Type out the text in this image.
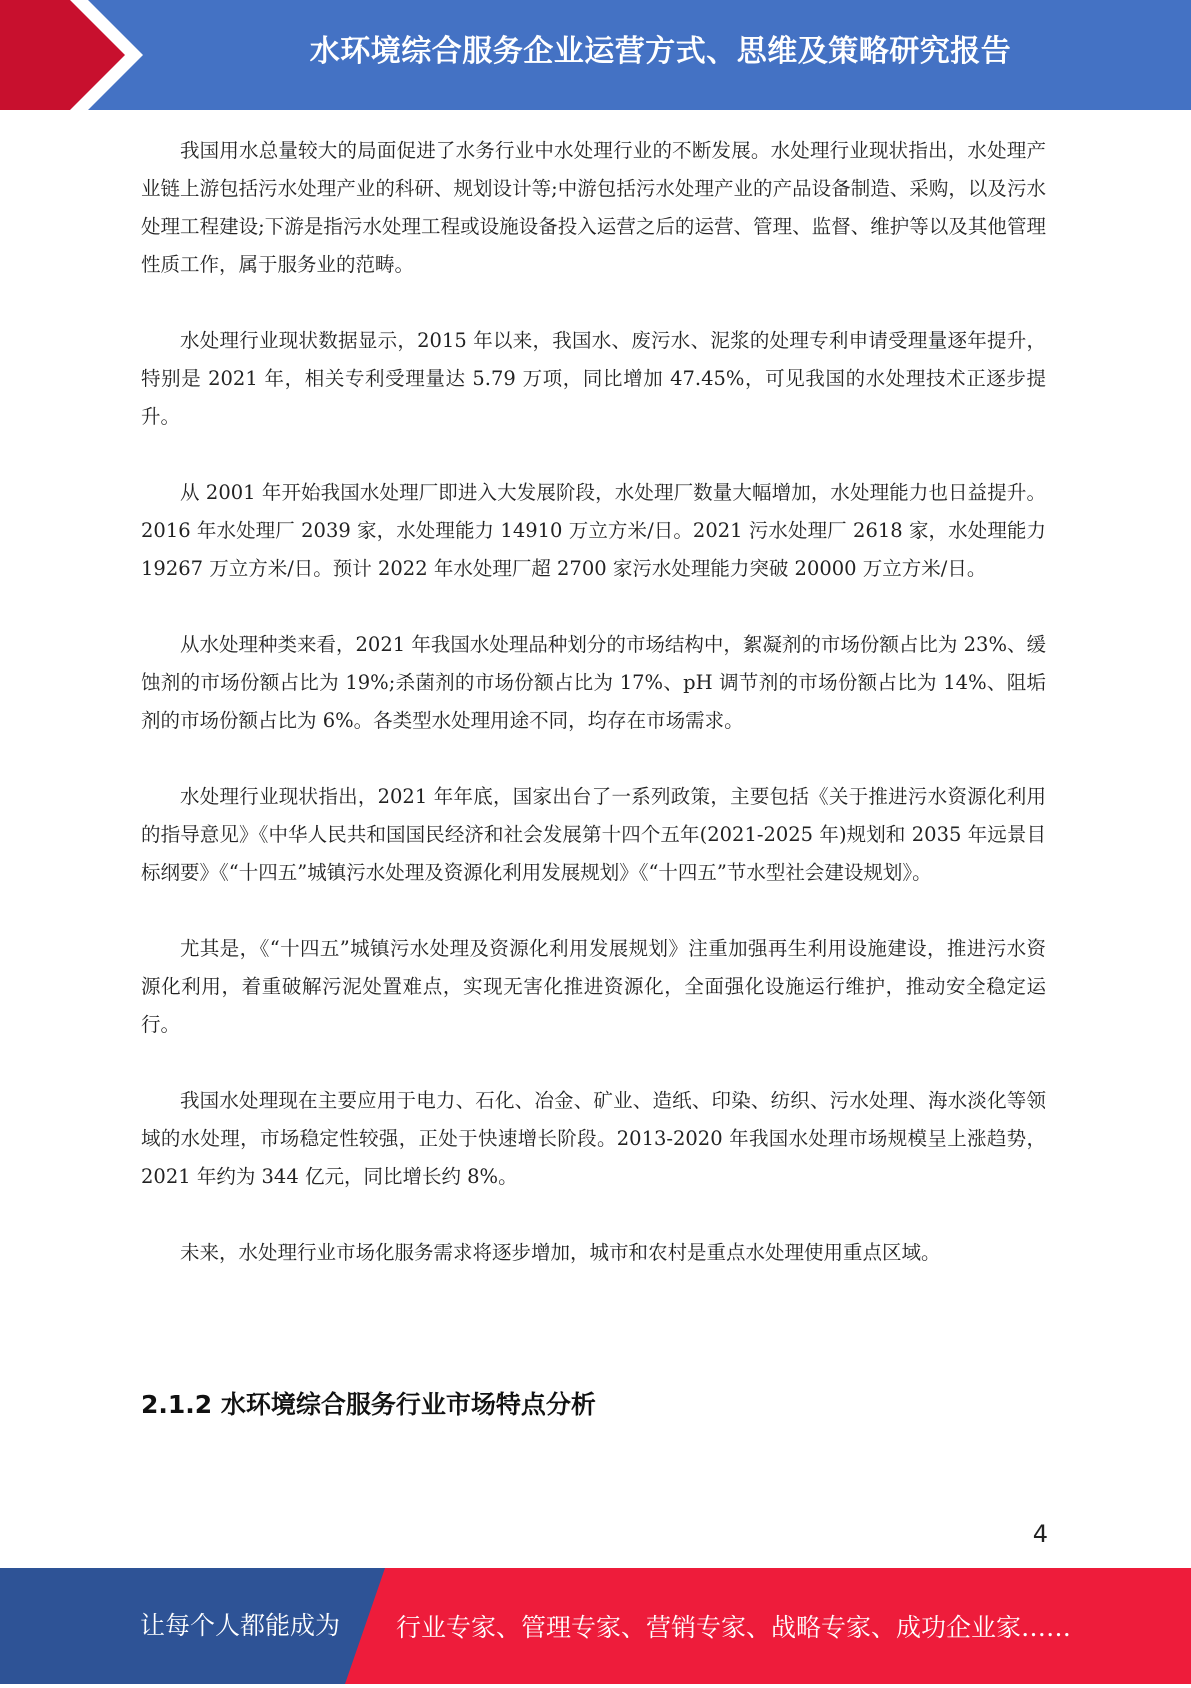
水环境综合服务企业运营方式、思维及策略研究报告

我国用水总量较大的局面促进了水务行业中水处理行业的不断发展。水处理行业现状指出，水处理产业链上游包括污水处理产业的科研、规划设计等;中游包括污水处理产业的产品设备制造、采购，以及污水处理工程建设;下游是指污水处理工程或设施设备投入运营之后的运营、管理、监督、维护等以及其他管理性质工作，属于服务业的范畴。

水处理行业现状数据显示，2015 年以来，我国水、废污水、泥浆的处理专利申请受理量逐年提升，特别是 2021 年，相关专利受理量达 5.79 万项，同比增加 47.45%，可见我国的水处理技术正逐步提升。

从 2001 年开始我国水处理厂即进入大发展阶段，水处理厂数量大幅增加，水处理能力也日益提升。2016 年水处理厂 2039 家，水处理能力 14910 万立方米/日。2021 污水处理厂 2618 家，水处理能力 19267 万立方米/日。预计 2022 年水处理厂超 2700 家污水处理能力突破 20000 万立方米/日。

从水处理种类来看，2021 年我国水处理品种划分的市场结构中，絮凝剂的市场份额占比为 23%、缓蚀剂的市场份额占比为 19%;杀菌剂的市场份额占比为 17%、pH 调节剂的市场份额占比为 14%、阻垢剂的市场份额占比为 6%。各类型水处理用途不同，均存在市场需求。

水处理行业现状指出，2021 年年底，国家出台了一系列政策，主要包括《关于推进污水资源化利用的指导意见》《中华人民共和国国民经济和社会发展第十四个五年(2021-2025 年)规划和 2035 年远景目标纲要》《“十四五”城镇污水处理及资源化利用发展规划》《“十四五”节水型社会建设规划》。

尤其是，《“十四五”城镇污水处理及资源化利用发展规划》注重加强再生利用设施建设，推进污水资源化利用，着重破解污泥处置难点，实现无害化推进资源化，全面强化设施运行维护，推动安全稳定运行。

我国水处理现在主要应用于电力、石化、冶金、矿业、造纸、印染、纺织、污水处理、海水淡化等领域的水处理，市场稳定性较强，正处于快速增长阶段。2013-2020 年我国水处理市场规模呈上涨趋势，2021 年约为 344 亿元，同比增长约 8%。

未来，水处理行业市场化服务需求将逐步增加，城市和农村是重点水处理使用重点区域。

2.1.2 水环境综合服务行业市场特点分析
4
让每个人都能成为 行业专家、管理专家、营销专家、战略专家、成功企业家……
